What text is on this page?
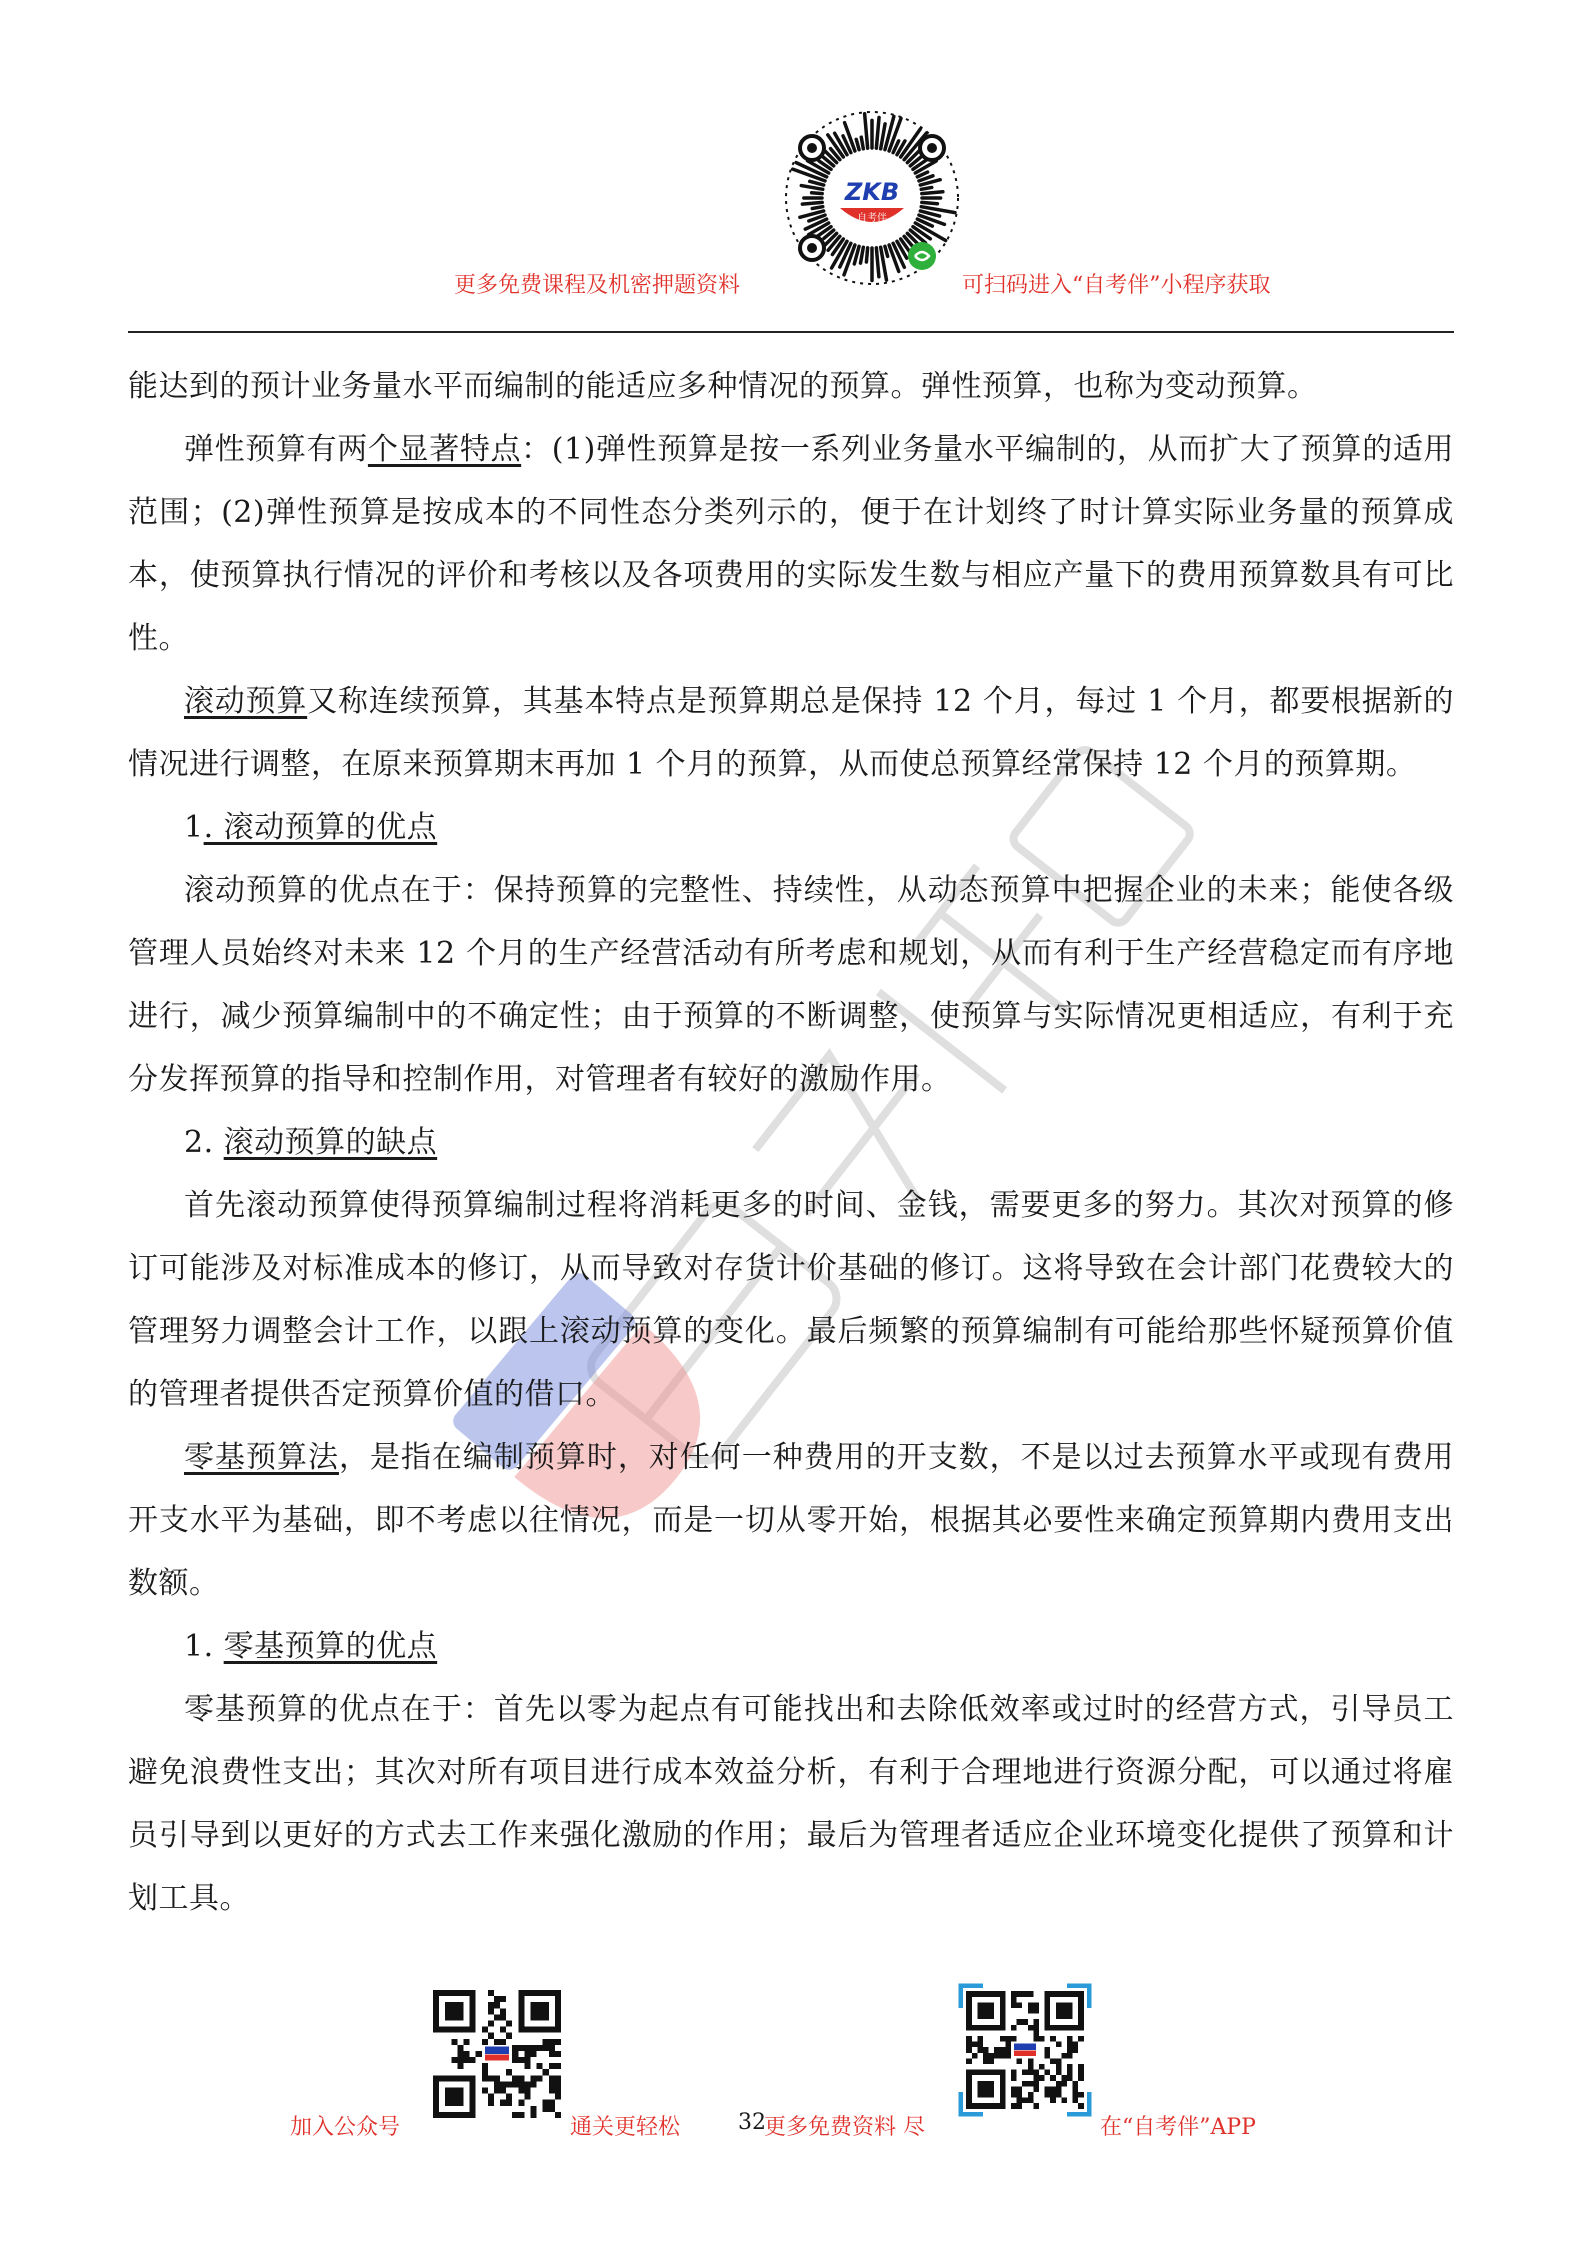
ZKB
自考伴
更多免费课程及机密押题资料	可扫码进入“自考伴”小程序获取

能达到的预计业务量水平而编制的能适应多种情况的预算。弹性预算，也称为变动预算。

弹性预算有两个显著特点：(1)弹性预算是按一系列业务量水平编制的，从而扩大了预算的适用范围；(2)弹性预算是按成本的不同性态分类列示的，便于在计划终了时计算实际业务量的预算成本，使预算执行情况的评价和考核以及各项费用的实际发生数与相应产量下的费用预算数具有可比性。

滚动预算又称连续预算，其基本特点是预算期总是保持 12 个月，每过 1 个月，都要根据新的情况进行调整，在原来预算期末再加 1 个月的预算，从而使总预算经常保持 12 个月的预算期。

1. 滚动预算的优点

滚动预算的优点在于：保持预算的完整性、持续性，从动态预算中把握企业的未来；能使各级管理人员始终对未来 12 个月的生产经营活动有所考虑和规划，从而有利于生产经营稳定而有序地进行，减少预算编制中的不确定性；由于预算的不断调整，使预算与实际情况更相适应，有利于充分发挥预算的指导和控制作用，对管理者有较好的激励作用。

2. 滚动预算的缺点

首先滚动预算使得预算编制过程将消耗更多的时间、金钱，需要更多的努力。其次对预算的修订可能涉及对标准成本的修订，从而导致对存货计价基础的修订。这将导致在会计部门花费较大的管理努力调整会计工作，以跟上滚动预算的变化。最后频繁的预算编制有可能给那些怀疑预算价值的管理者提供否定预算价值的借口。

零基预算法，是指在编制预算时，对任何一种费用的开支数，不是以过去预算水平或现有费用开支水平为基础，即不考虑以往情况，而是一切从零开始，根据其必要性来确定预算期内费用支出数额。

1. 零基预算的优点

零基预算的优点在于：首先以零为起点有可能找出和去除低效率或过时的经营方式，引导员工避免浪费性支出；其次对所有项目进行成本效益分析，有利于合理地进行资源分配，可以通过将雇员引导到以更好的方式去工作来强化激励的作用；最后为管理者适应企业环境变化提供了预算和计划工具。

加入公众号	通关更轻松	32
更多免费资料 尽	在“自考伴”APP
